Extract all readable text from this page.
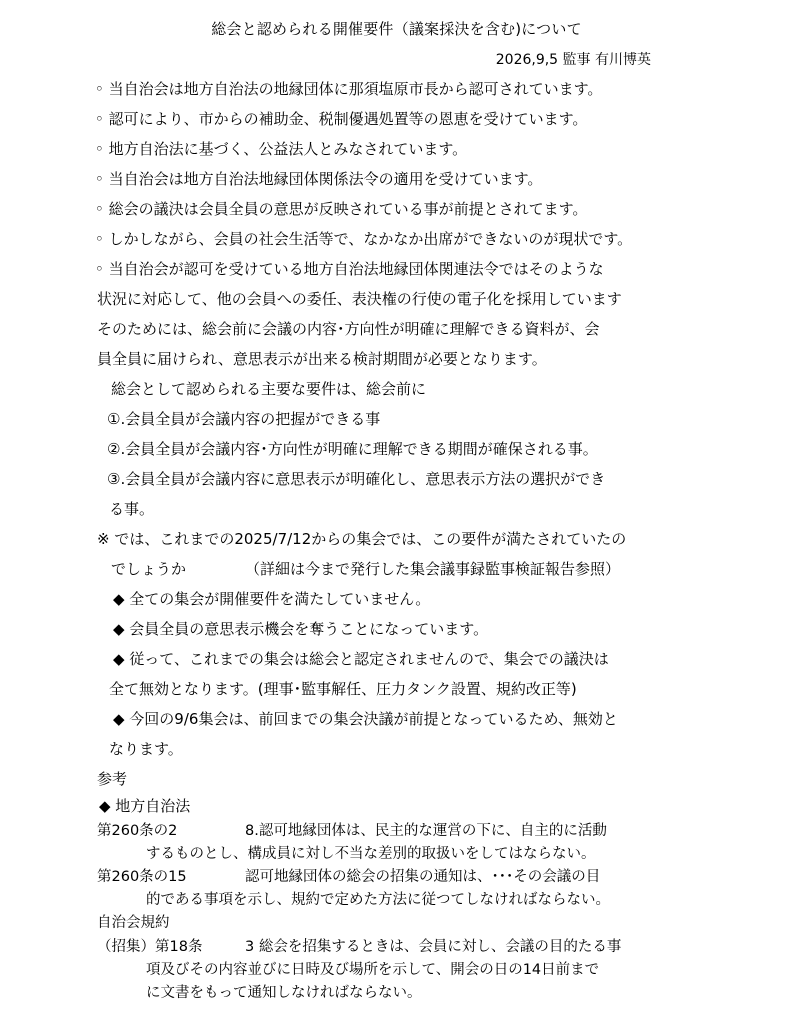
総会と認められる開催要件（議案採決を含む)について
2026,9,5 監事 有川博英
◦ 当自治会は地方自治法の地縁団体に那須塩原市長から認可されています。
◦ 認可により、市からの補助金、税制優遇処置等の恩恵を受けています。
◦ 地方自治法に基づく、公益法人とみなされています。
◦ 当自治会は地方自治法地縁団体関係法令の適用を受けています。
◦ 総会の議決は会員全員の意思が反映されている事が前提とされてます。
◦ しかしながら、会員の社会生活等で、なかなか出席ができないのが現状です。
◦ 当自治会が認可を受けている地方自治法地縁団体関連法令ではそのような
状況に対応して、他の会員への委任、表決権の行使の電子化を採用しています
そのためには、総会前に会議の内容･方向性が明確に理解できる資料が、会
員全員に届けられ、意思表示が出来る検討期間が必要となります。
総会として認められる主要な要件は、総会前に
①.会員全員が会議内容の把握ができる事
②.会員全員が会議内容･方向性が明確に理解できる期間が確保される事。
③.会員全員が会議内容に意思表示が明確化し、意思表示方法の選択ができ
る事。
※ では、これまでの2025/7/12からの集会では、この要件が満たされていたの
でしょうか	（詳細は今まで発行した集会議事録監事検証報告参照）
◆ 全ての集会が開催要件を満たしていません。
◆ 会員全員の意思表示機会を奪うことになっています。
◆ 従って、これまでの集会は総会と認定されませんので、集会での議決は
全て無効となります。(理事･監事解任、圧力タンク設置、規約改正等)
◆ 今回の9/6集会は、前回までの集会決議が前提となっているため、無効と
なります。
参考
◆ 地方自治法
第260条の2	8.認可地縁団体は、民主的な運営の下に、自主的に活動
するものとし、構成員に対し不当な差別的取扱いをしてはならない。
第260条の15	認可地縁団体の総会の招集の通知は、･･･その会議の目
的である事項を示し、規約で定めた方法に従つてしなければならない。
自治会規約
（招集）第18条	3 総会を招集するときは、会員に対し、会議の目的たる事
項及びその内容並びに日時及び場所を示して、開会の日の14日前まで
に文書をもって通知しなければならない。
